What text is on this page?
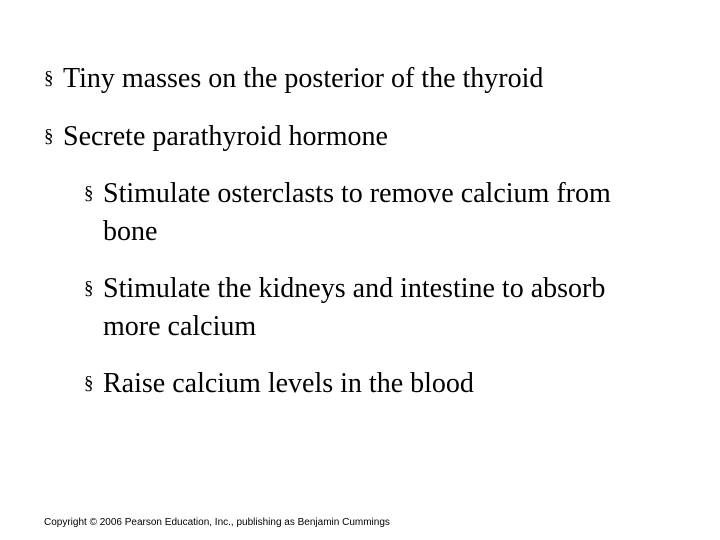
§ Tiny masses on the posterior of the thyroid
§ Secrete parathyroid hormone
§ Stimulate osterclasts to remove calcium from bone
§ Stimulate the kidneys and intestine to absorb more calcium
§ Raise calcium levels in the blood
Copyright © 2006 Pearson Education, Inc., publishing as Benjamin Cummings
